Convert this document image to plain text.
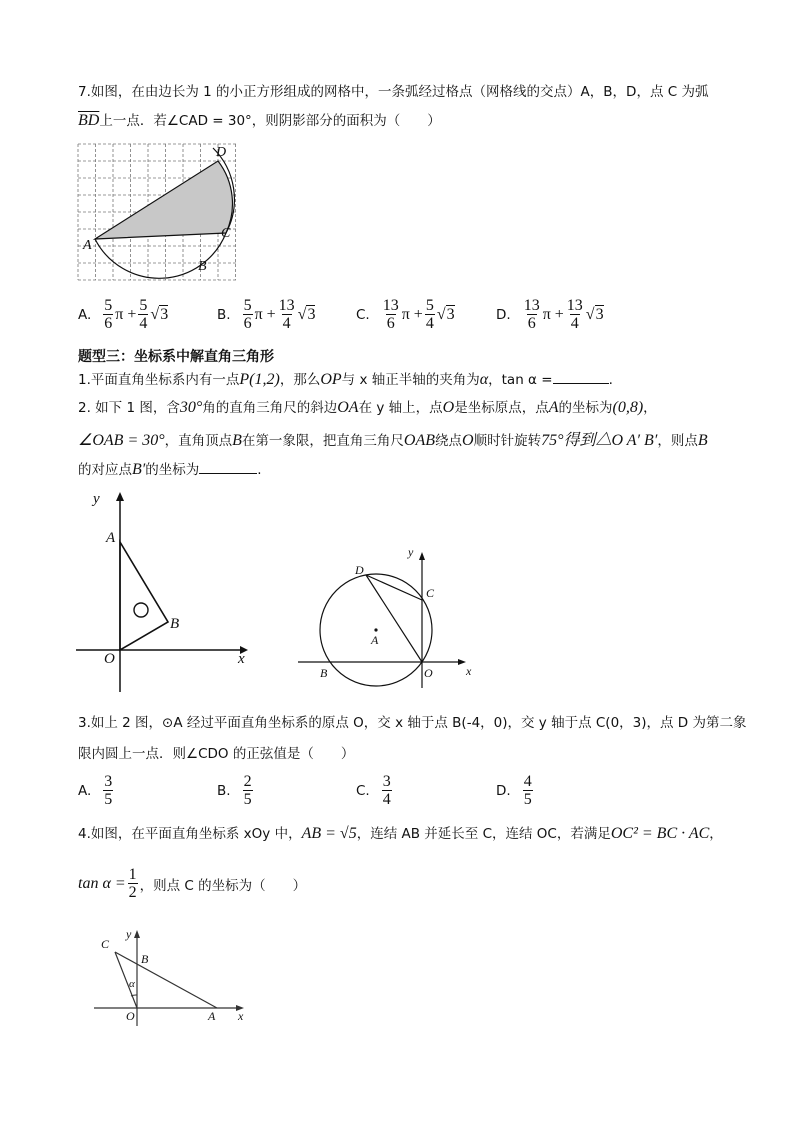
7.如图，在由边长为 1 的小正方形组成的网格中，一条弧经过格点（网格线的交点）A，B，D，点 C 为弧
$\overline{BD}$上一点．若∠CAD = 30°，则阴影部分的面积为（　　）
D
C
A
B
A. $\frac{5}{6}$ $\pi + \frac{5}{4} √3$	B. $\frac{5}{6}$ $\pi + \frac{13}{4} √3$	C. $\frac{13}{6}$ $\pi + \frac{5}{4} √3$	D. $\frac{13}{6}$ $\pi + \frac{13}{4} √3$
题型三：坐标系中解直角三角形
1.平面直角坐标系内有一点P(1,2)，那么OP与 x 轴正半轴的夹角为α，tan α =	.
2. 如下 1 图，含30°角的直角三角尺的斜边OA在 y 轴上，点O是坐标原点，点A的坐标为(0,8)，
∠OAB = 30°，直角顶点B在第一象限，把直角三角尺OAB绕点O顺时针旋转75°得到△O A′ B′，则点B
的对应点B′的坐标为	.
y
x
A
B
O
y
x
D
C
A
B	O
3.如上 2 图，⊙A 经过平面直角坐标系的原点 O，交 x 轴于点 B(-4，0)，交 y 轴于点 C(0，3)，点 D 为第二象
限内圆上一点．则∠CDO 的正弦值是（　　）
A. $\frac{3}{5}$	B. $\frac{2}{5}$	C. $\frac{3}{4}$	D. $\frac{4}{5}$
4.如图，在平面直角坐标系 xOy 中，AB = √5，连结 AB 并延长至 C，连结 OC，若满足OC² = BC · AC，
$\tan \alpha = \frac{1}{2}$ ，则点 C 的坐标为（　　）
C
y
B
α
O	A x
